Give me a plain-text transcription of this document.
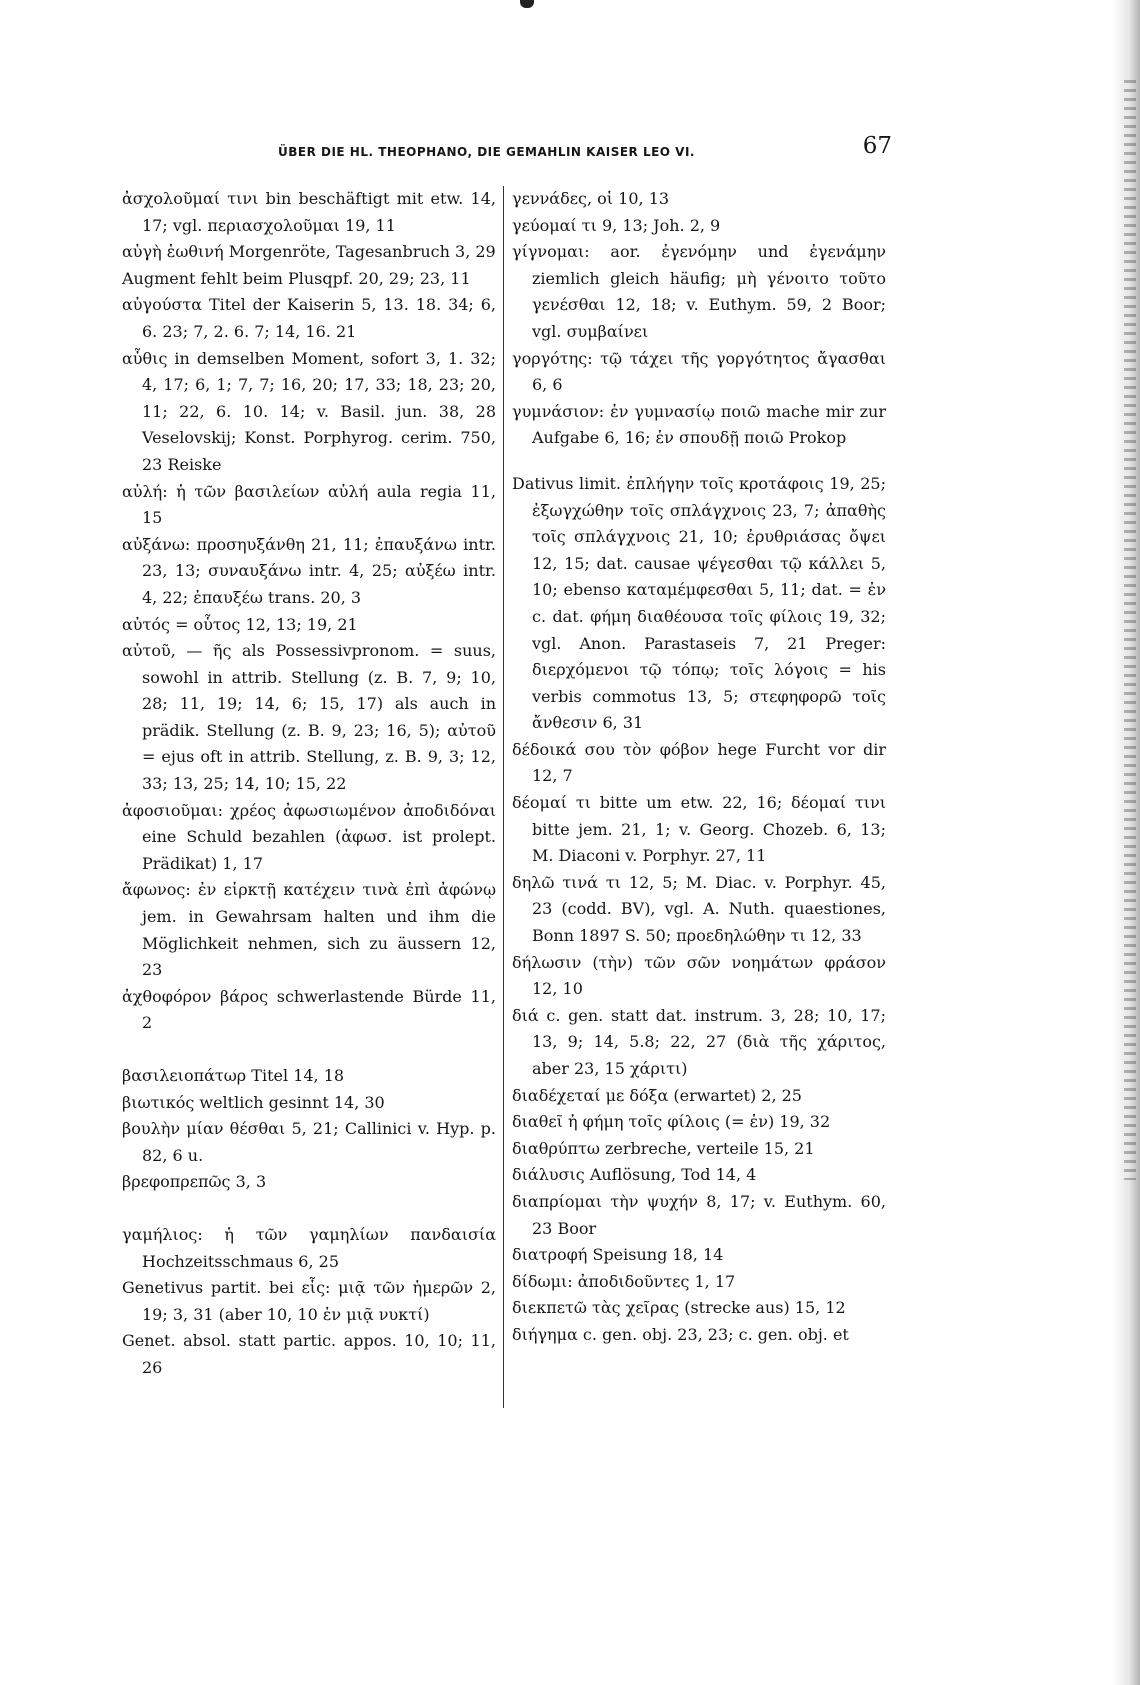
ÜBER DIE HL. THEOPHANO, DIE GEMAHLIN KAISER LEO VI.	67
ἀσχολοῦμαί τινι bin beschäftigt mit etw. 14, 17; vgl. περιασχολοῦμαι 19, 11
αὐγὴ ἑωθινή Morgenröte, Tagesanbruch 3, 29
Augment fehlt beim Plusqpf. 20, 29; 23, 11
αὐγούστα Titel der Kaiserin 5, 13. 18. 34; 6, 6. 23; 7, 2. 6. 7; 14, 16. 21
αὖθις in demselben Moment, sofort 3, 1. 32; 4, 17; 6, 1; 7, 7; 16, 20; 17, 33; 18, 23; 20, 11; 22, 6. 10. 14; v. Basil. jun. 38, 28 Veselovskij; Konst. Porphyrog. cerim. 750, 23 Reiske
αὐλή: ἡ τῶν βασιλείων αὐλή aula regia 11, 15
αὐξάνω: προσηυξάνθη 21, 11; ἐπαυξάνω intr. 23, 13; συναυξάνω intr. 4, 25; αὐξέω intr. 4, 22; ἐπαυξέω trans. 20, 3
αὐτός = οὗτος 12, 13; 19, 21
αὐτοῦ, — ῆς als Possessivpronom. = suus, sowohl in attrib. Stellung (z. B. 7, 9; 10, 28; 11, 19; 14, 6; 15, 17) als auch in prädik. Stellung (z. B. 9, 23; 16, 5); αὐτοῦ = ejus oft in attrib. Stellung, z. B. 9, 3; 12, 33; 13, 25; 14, 10; 15, 22
ἀφοσιοῦμαι: χρέος ἀφωσιωμένον ἀποδιδόναι eine Schuld bezahlen (ἀφωσ. ist prolept. Prädikat) 1, 17
ἄφωνος: ἐν εἱρκτῇ κατέχειν τινὰ ἐπὶ ἀφώνῳ jem. in Gewahrsam halten und ihm die Möglichkeit nehmen, sich zu äussern 12, 23
ἀχθοφόρον βάρος schwerlastende Bürde 11, 2
βασιλειοπάτωρ Titel 14, 18
βιωτικός weltlich gesinnt 14, 30
βουλὴν μίαν θέσθαι 5, 21; Callinici v. Hyp. p. 82, 6 u.
βρεφοπρεπῶς 3, 3
γαμήλιος: ἡ τῶν γαμηλίων πανδαισία Hochzeitsschmaus 6, 25
Genetivus partit. bei εἷς: μιᾷ τῶν ἡμερῶν 2, 19; 3, 31 (aber 10, 10 ἐν μιᾷ νυκτί)
Genet. absol. statt partic. appos. 10, 10; 11, 26
γεννάδες, οἱ 10, 13
γεύομαί τι 9, 13; Joh. 2, 9
γίγνομαι: aor. ἐγενόμην und ἐγενάμην ziemlich gleich häufig; μὴ γένοιτο τοῦτο γενέσθαι 12, 18; v. Euthym. 59, 2 Boor; vgl. συμβαίνει
γοργότης: τῷ τάχει τῆς γοργότητος ἄγασθαι 6, 6
γυμνάσιον: ἐν γυμνασίῳ ποιῶ mache mir zur Aufgabe 6, 16; ἐν σπουδῇ ποιῶ Prokop
Dativus limit. ἐπλήγην τοῖς κροτάφοις 19, 25; ἐξωγχώθην τοῖς σπλάγχνοις 23, 7; ἀπαθὴς τοῖς σπλάγχνοις 21, 10; ἐρυθριάσας ὄψει 12, 15; dat. causae ψέγεσθαι τῷ κάλλει 5, 10; ebenso καταμέμφεσθαι 5, 11; dat. = ἐν c. dat. φήμη διαθέουσα τοῖς φίλοις 19, 32; vgl. Anon. Parastaseis 7, 21 Preger: διερχόμενοι τῷ τόπῳ; τοῖς λόγοις = his verbis commotus 13, 5; στεφηφορῶ τοῖς ἄνθεσιν 6, 31
δέδοικά σου τὸν φόβον hege Furcht vor dir 12, 7
δέομαί τι bitte um etw. 22, 16; δέομαί τινι bitte jem. 21, 1; v. Georg. Chozeb. 6, 13; M. Diaconi v. Porphyr. 27, 11
δηλῶ τινά τι 12, 5; M. Diac. v. Porphyr. 45, 23 (codd. BV), vgl. A. Nuth. quaestiones, Bonn 1897 S. 50; προεδηλώθην τι 12, 33
δήλωσιν (τὴν) τῶν σῶν νοημάτων φράσον 12, 10
διά c. gen. statt dat. instrum. 3, 28; 10, 17; 13, 9; 14, 5.8; 22, 27 (διὰ τῆς χάριτος, aber 23, 15 χάριτι)
διαδέχεταί με δόξα (erwartet) 2, 25
διαθεῖ ἡ φήμη τοῖς φίλοις (= ἐν) 19, 32
διαθρύπτω zerbreche, verteile 15, 21
διάλυσις Auflösung, Tod 14, 4
διαπρίομαι τὴν ψυχήν 8, 17; v. Euthym. 60, 23 Boor
διατροφή Speisung 18, 14
δίδωμι: ἀποδιδοῦντες 1, 17
διεκπετῶ τὰς χεῖρας (strecke aus) 15, 12
διήγημα c. gen. obj. 23, 23; c. gen. obj. et
